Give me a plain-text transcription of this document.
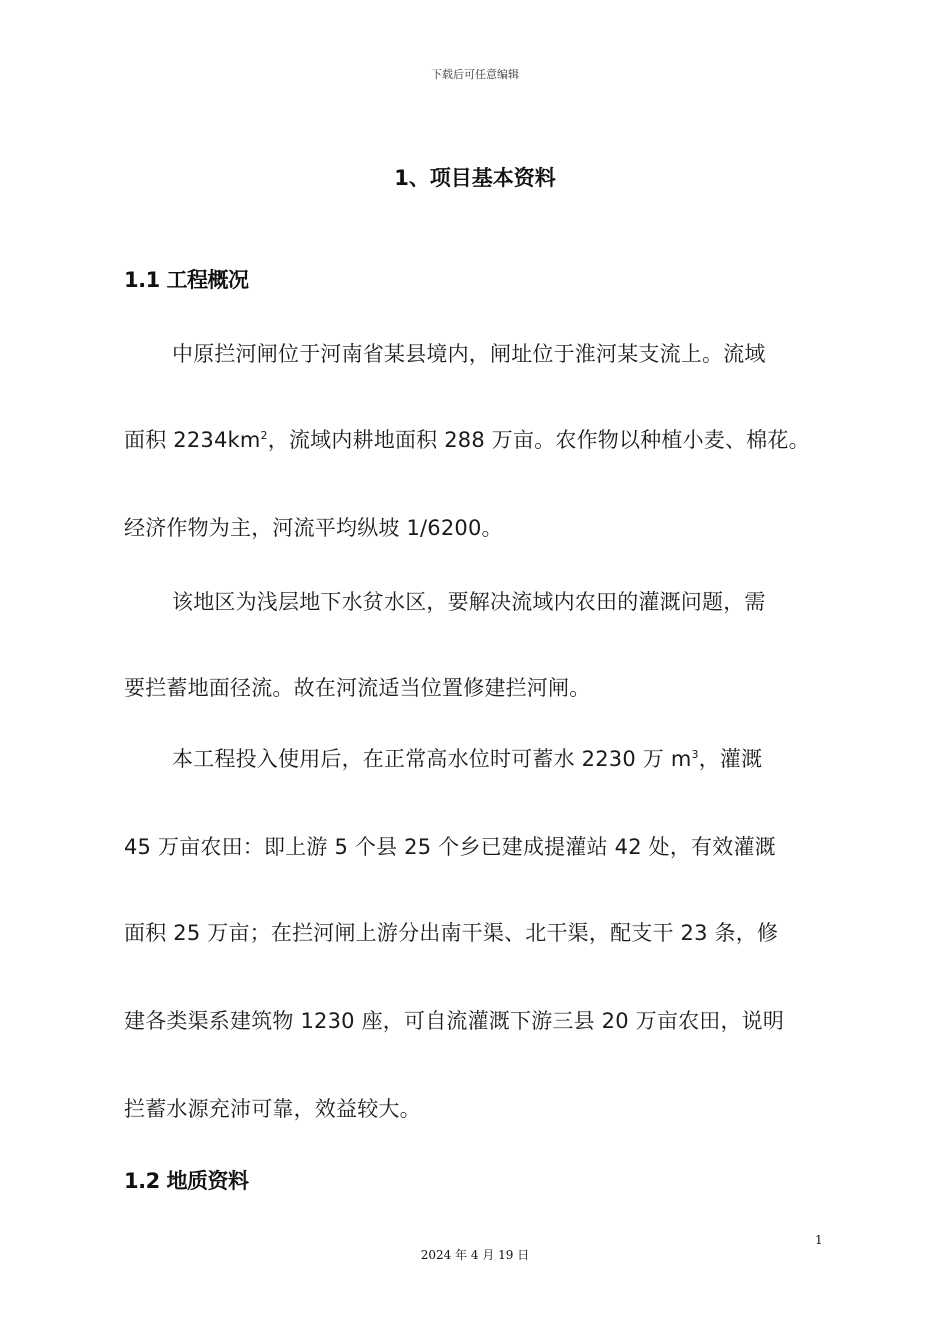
下载后可任意编辑
1、项目基本资料
1.1 工程概况
中原拦河闸位于河南省某县境内，闸址位于淮河某支流上。流域
面积 $2234km^2$，流域内耕地面积 288 万亩。农作物以种植小麦、棉花。
经济作物为主，河流平均纵坡 1/6200。
该地区为浅层地下水贫水区，要解决流域内农田的灌溉问题，需
要拦蓄地面径流。故在河流适当位置修建拦河闸。
本工程投入使用后，在正常高水位时可蓄水 2230 万 $m^3$，灌溉
45 万亩农田：即上游 5 个县 25 个乡已建成提灌站 42 处，有效灌溉
面积 25 万亩；在拦河闸上游分出南干渠、北干渠，配支干 23 条，修
建各类渠系建筑物 1230 座，可自流灌溉下游三县 20 万亩农田，说明
拦蓄水源充沛可靠，效益较大。
1.2 地质资料
1
2024 年 4 月 19 日
